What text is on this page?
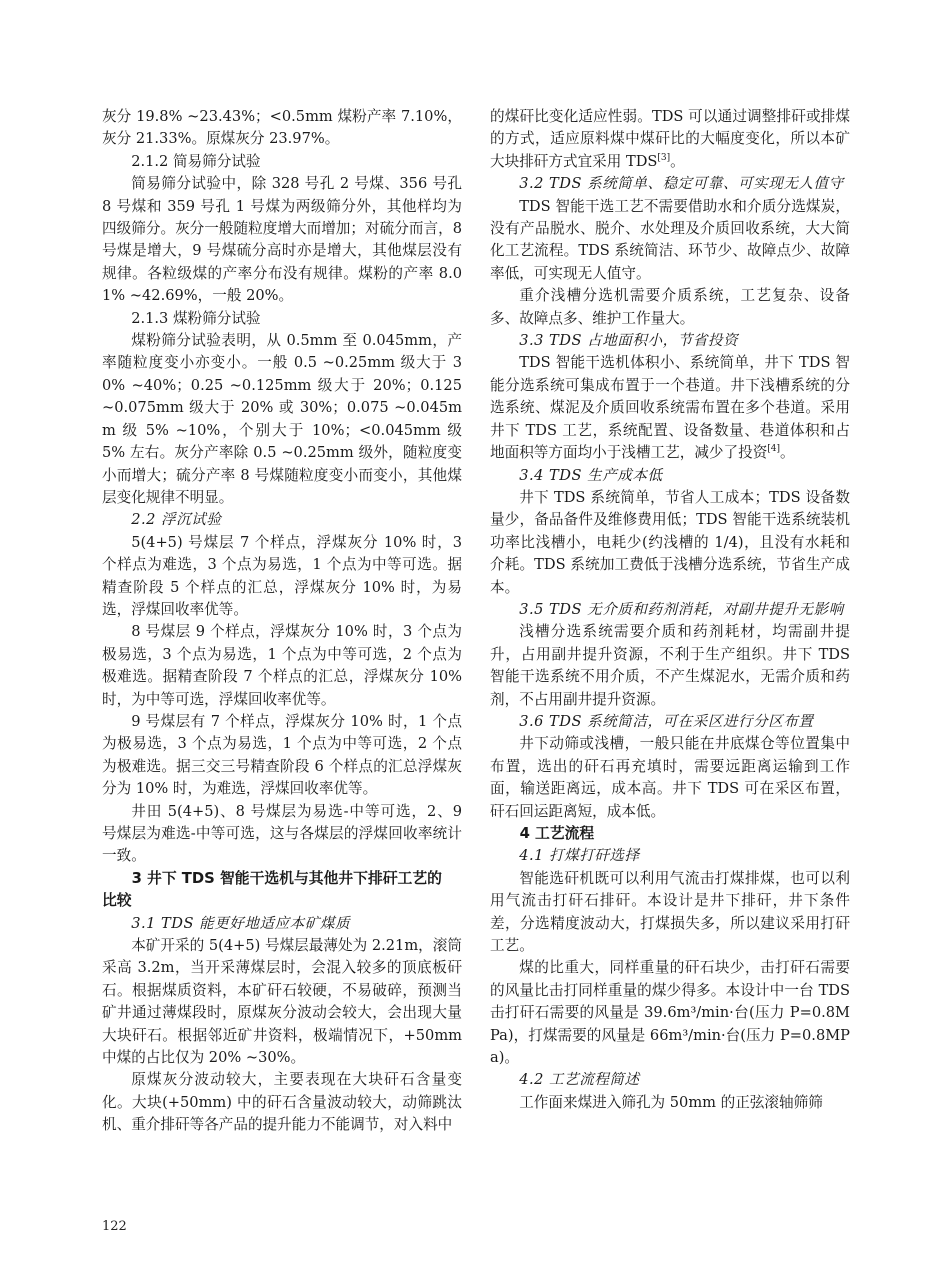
灰分 19.8% ~23.43%；<0.5mm 煤粉产率 7.10%，灰分 21.33%。原煤灰分 23.97%。

2.1.2 简易筛分试验

简易筛分试验中，除 328 号孔 2 号煤、356 号孔 8 号煤和 359 号孔 1 号煤为两级筛分外，其他样均为四级筛分。灰分一般随粒度增大而增加；对硫分而言，8 号煤是增大，9 号煤硫分高时亦是增大，其他煤层没有规律。各粒级煤的产率分布没有规律。煤粉的产率 8.01% ~42.69%，一般 20%。

2.1.3 煤粉筛分试验

煤粉筛分试验表明，从 0.5mm 至 0.045mm，产率随粒度变小亦变小。一般 0.5 ~0.25mm 级大于 30% ~40%；0.25 ~0.125mm 级大于 20%；0.125 ~0.075mm 级大于 20% 或 30%；0.075 ~0.045mm 级 5% ~10%，个别大于 10%；<0.045mm 级 5% 左右。灰分产率除 0.5 ~0.25mm 级外，随粒度变小而增大；硫分产率 8 号煤随粒度变小而变小，其他煤层变化规律不明显。

2.2 浮沉试验

5(4+5) 号煤层 7 个样点，浮煤灰分 10% 时，3 个样点为难选，3 个点为易选，1 个点为中等可选。据精查阶段 5 个样点的汇总，浮煤灰分 10% 时，为易选，浮煤回收率优等。

8 号煤层 9 个样点，浮煤灰分 10% 时，3 个点为极易选，3 个点为易选，1 个点为中等可选，2 个点为极难选。据精查阶段 7 个样点的汇总，浮煤灰分 10% 时，为中等可选，浮煤回收率优等。

9 号煤层有 7 个样点，浮煤灰分 10% 时，1 个点为极易选，3 个点为易选，1 个点为中等可选，2 个点为极难选。据三交三号精查阶段 6 个样点的汇总浮煤灰分为 10% 时，为难选，浮煤回收率优等。

井田 5(4+5)、8 号煤层为易选-中等可选，2、9 号煤层为难选-中等可选，这与各煤层的浮煤回收率统计一致。

3 井下 TDS 智能干选机与其他井下排矸工艺的
比较

3.1 TDS 能更好地适应本矿煤质

本矿开采的 5(4+5) 号煤层最薄处为 2.21m，滚筒采高 3.2m，当开采薄煤层时，会混入较多的顶底板矸石。根据煤质资料，本矿矸石较硬，不易破碎，预测当矿井通过薄煤段时，原煤灰分波动会较大，会出现大量大块矸石。根据邻近矿井资料，极端情况下，+50mm 中煤的占比仅为 20% ~30%。

原煤灰分波动较大，主要表现在大块矸石含量变化。大块(+50mm) 中的矸石含量波动较大，动筛跳汰机、重介排矸等各产品的提升能力不能调节，对入料中

的煤矸比变化适应性弱。TDS 可以通过调整排矸或排煤的方式，适应原料煤中煤矸比的大幅度变化，所以本矿大块排矸方式宜采用 TDS[3]。

3.2 TDS 系统简单、稳定可靠、可实现无人值守

TDS 智能干选工艺不需要借助水和介质分选煤炭，没有产品脱水、脱介、水处理及介质回收系统，大大简化工艺流程。TDS 系统简洁、环节少、故障点少、故障率低，可实现无人值守。

重介浅槽分选机需要介质系统，工艺复杂、设备多、故障点多、维护工作量大。

3.3 TDS 占地面积小，节省投资

TDS 智能干选机体积小、系统简单，井下 TDS 智能分选系统可集成布置于一个巷道。井下浅槽系统的分选系统、煤泥及介质回收系统需布置在多个巷道。采用井下 TDS 工艺，系统配置、设备数量、巷道体积和占地面积等方面均小于浅槽工艺，减少了投资[4]。

3.4 TDS 生产成本低

井下 TDS 系统简单，节省人工成本；TDS 设备数量少，备品备件及维修费用低；TDS 智能干选系统装机功率比浅槽小，电耗少(约浅槽的 1/4)，且没有水耗和介耗。TDS 系统加工费低于浅槽分选系统，节省生产成本。

3.5 TDS 无介质和药剂消耗，对副井提升无影响

浅槽分选系统需要介质和药剂耗材，均需副井提升，占用副井提升资源，不利于生产组织。井下 TDS 智能干选系统不用介质，不产生煤泥水，无需介质和药剂，不占用副井提升资源。

3.6 TDS 系统简洁，可在采区进行分区布置

井下动筛或浅槽，一般只能在井底煤仓等位置集中布置，选出的矸石再充填时，需要远距离运输到工作面，输送距离远，成本高。井下 TDS 可在采区布置，矸石回运距离短，成本低。

4 工艺流程

4.1 打煤打矸选择

智能选矸机既可以利用气流击打煤排煤，也可以利用气流击打矸石排矸。本设计是井下排矸，井下条件差，分选精度波动大，打煤损失多，所以建议采用打矸工艺。

煤的比重大，同样重量的矸石块少，击打矸石需要的风量比击打同样重量的煤少得多。本设计中一台 TDS 击打矸石需要的风量是 39.6m³/min·台(压力 P=0.8MPa)，打煤需要的风量是 66m³/min·台(压力 P=0.8MPa)。

4.2 工艺流程简述

工作面来煤进入筛孔为 50mm 的正弦滚轴筛筛

122
